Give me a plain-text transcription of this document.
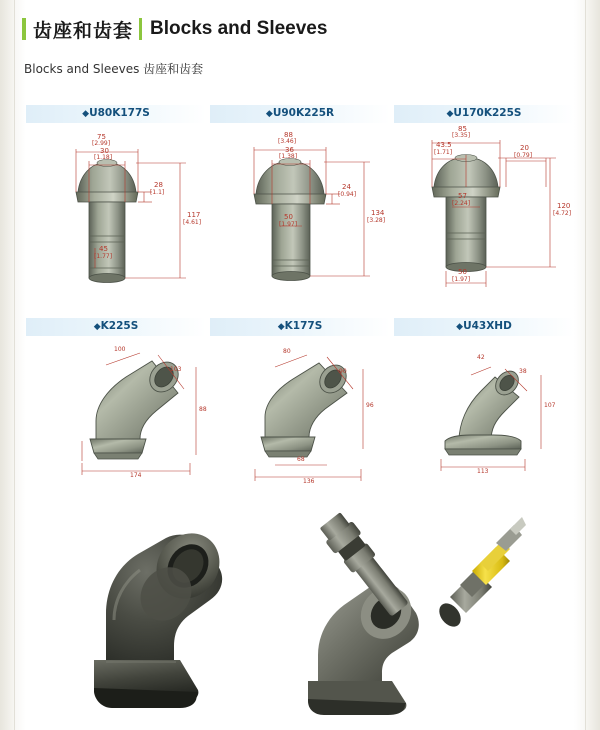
齿座和齿套 Blocks and Sleeves
Blocks and Sleeves 齿座和齿套
◆U80K177S	◆U90K225R	◆U170K225S
75
[2.99]
30
[1.18]
28
[1.1]
117
[4.61]
45
[1.77]
88
[3.46]
36
[1.38]
24
[0.94]
134
[3.28]
50
[1.97]
85
[3.35]
43.5
[1.71]
20
[0.79]
57
[2.24]	120
[4.72]
50
[1.97]
◆K225S	◆K177S	◆U43XHD
100
103
88
174
80
90
96
68
136
42
38
107
113
